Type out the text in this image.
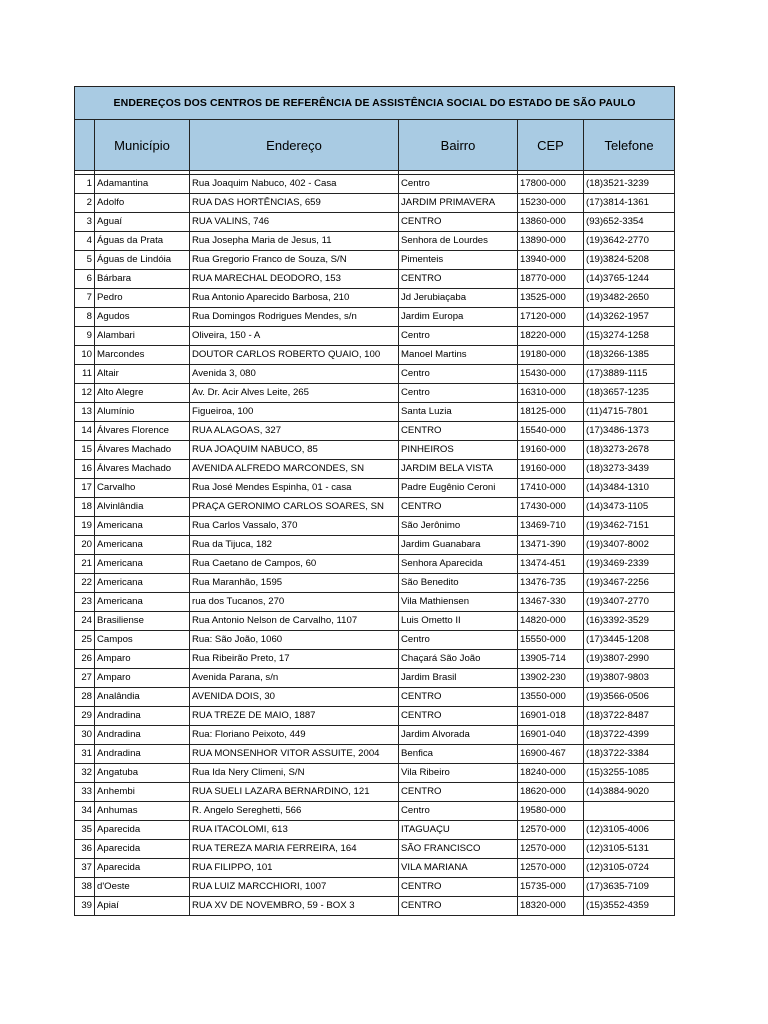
ENDEREÇOS DOS CENTROS DE REFERÊNCIA DE ASSISTÊNCIA SOCIAL DO ESTADO DE SÃO PAULO					
	Município	Endereço	Bairro	CEP	Telefone

1	Adamantina	Rua Joaquim Nabuco, 402 - Casa	Centro	17800-000	(18)3521-3239
2	Adolfo	RUA DAS HORTÊNCIAS, 659	JARDIM PRIMAVERA	15230-000	(17)3814-1361
3	Aguaí	RUA VALINS, 746	CENTRO	13860-000	(93)652-3354
4	Águas da Prata	Rua Josepha Maria de Jesus, 11	Senhora de Lourdes	13890-000	(19)3642-2770
5	Águas de Lindóia	Rua Gregorio Franco de Souza, S/N	Pimenteis	13940-000	(19)3824-5208
6	Bárbara	RUA MARECHAL DEODORO, 153	CENTRO	18770-000	(14)3765-1244
7	Pedro	Rua Antonio Aparecido Barbosa, 210	Jd Jerubiaçaba	13525-000	(19)3482-2650
8	Agudos	Rua Domingos Rodrigues Mendes, s/n	Jardim Europa	17120-000	(14)3262-1957
9	Alambari	Oliveira, 150 - A	Centro	18220-000	(15)3274-1258
10	Marcondes	DOUTOR CARLOS ROBERTO QUAIO, 100	Manoel Martins	19180-000	(18)3266-1385
11	Altair	Avenida 3, 080	Centro	15430-000	(17)3889-1115
12	Alto Alegre	Av. Dr. Acir Alves Leite, 265	Centro	16310-000	(18)3657-1235
13	Alumínio	Figueiroa, 100	Santa Luzia	18125-000	(11)4715-7801
14	Álvares Florence	RUA ALAGOAS, 327	CENTRO	15540-000	(17)3486-1373
15	Álvares Machado	RUA JOAQUIM NABUCO, 85	PINHEIROS	19160-000	(18)3273-2678
16	Álvares Machado	AVENIDA ALFREDO MARCONDES, SN	JARDIM BELA VISTA	19160-000	(18)3273-3439
17	Carvalho	Rua José Mendes Espinha, 01 - casa	Padre Eugênio Ceroni	17410-000	(14)3484-1310
18	Alvinlândia	PRAÇA GERONIMO CARLOS SOARES, SN	CENTRO	17430-000	(14)3473-1105
19	Americana	Rua Carlos Vassalo, 370	São Jerônimo	13469-710	(19)3462-7151
20	Americana	Rua da Tijuca, 182	Jardim Guanabara	13471-390	(19)3407-8002
21	Americana	Rua Caetano de Campos, 60	Senhora Aparecida	13474-451	(19)3469-2339
22	Americana	Rua Maranhão, 1595	São Benedito	13476-735	(19)3467-2256
23	Americana	rua dos Tucanos, 270	Vila Mathiensen	13467-330	(19)3407-2770
24	Brasiliense	Rua Antonio Nelson de Carvalho, 1107	Luis Ometto II	14820-000	(16)3392-3529
25	Campos	Rua: São João, 1060	Centro	15550-000	(17)3445-1208
26	Amparo	Rua Ribeirão Preto, 17	Chaçará São João	13905-714	(19)3807-2990
27	Amparo	Avenida Parana, s/n	Jardim Brasil	13902-230	(19)3807-9803
28	Analândia	AVENIDA DOIS, 30	CENTRO	13550-000	(19)3566-0506
29	Andradina	RUA TREZE DE MAIO, 1887	CENTRO	16901-018	(18)3722-8487
30	Andradina	Rua: Floriano Peixoto, 449	Jardim Alvorada	16901-040	(18)3722-4399
31	Andradina	RUA MONSENHOR VITOR ASSUITE, 2004	Benfica	16900-467	(18)3722-3384
32	Angatuba	Rua Ida Nery Climeni, S/N	Vila Ribeiro	18240-000	(15)3255-1085
33	Anhembi	RUA SUELI LAZARA BERNARDINO, 121	CENTRO	18620-000	(14)3884-9020
34	Anhumas	R. Angelo Sereghetti, 566	Centro	19580-000	
35	Aparecida	RUA ITACOLOMI, 613	ITAGUAÇU	12570-000	(12)3105-4006
36	Aparecida	RUA TEREZA MARIA FERREIRA, 164	SÃO FRANCISCO	12570-000	(12)3105-5131
37	Aparecida	RUA FILIPPO, 101	VILA MARIANA	12570-000	(12)3105-0724
38	d'Oeste	RUA LUIZ MARCCHIORI, 1007	CENTRO	15735-000	(17)3635-7109
39	Apiaí	RUA XV DE NOVEMBRO, 59 - BOX 3	CENTRO	18320-000	(15)3552-4359
